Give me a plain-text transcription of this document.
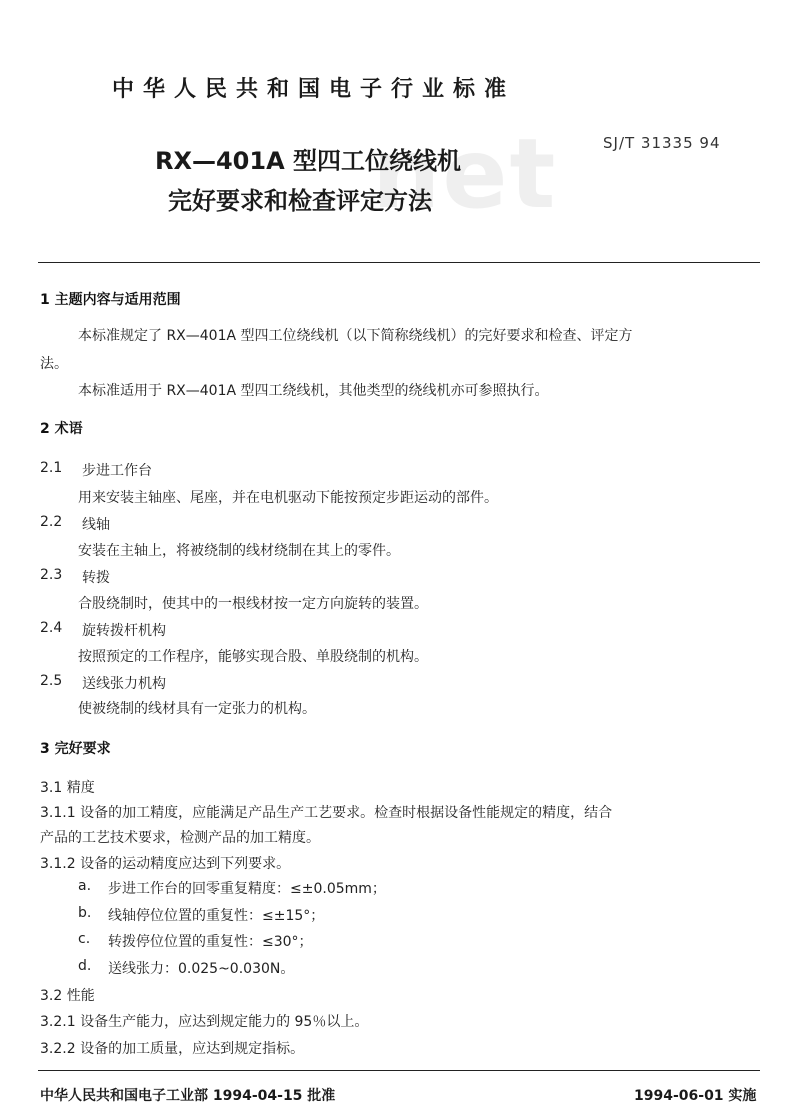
net
中华人民共和国电子行业标准
SJ/T 31335 94
RX—401A 型四工位绕线机
完好要求和检查评定方法
1 主题内容与适用范围
本标准规定了 RX—401A 型四工位绕线机（以下简称绕线机）的完好要求和检查、评定方
法。
本标准适用于 RX—401A 型四工绕线机，其他类型的绕线机亦可参照执行。
2 术语
2.1 步进工作台
用来安装主轴座、尾座，并在电机驱动下能按预定步距运动的部件。
2.2 线轴
安装在主轴上，将被绕制的线材绕制在其上的零件。
2.3 转拨
合股绕制时，使其中的一根线材按一定方向旋转的装置。
2.4 旋转拨杆机构
按照预定的工作程序，能够实现合股、单股绕制的机构。
2.5 送线张力机构
使被绕制的线材具有一定张力的机构。
3 完好要求
3.1 精度
3.1.1 设备的加工精度，应能满足产品生产工艺要求。检查时根据设备性能规定的精度，结合
产品的工艺技术要求，检测产品的加工精度。
3.1.2 设备的运动精度应达到下列要求。
a. 步进工作台的回零重复精度：≤±0.05mm；
b. 线轴停位位置的重复性：≤±15°；
c. 转拨停位位置的重复性：≤30°；
d. 送线张力：0.025~0.030N。
3.2 性能
3.2.1 设备生产能力，应达到规定能力的 95％以上。
3.2.2 设备的加工质量，应达到规定指标。
中华人民共和国电子工业部 1994-04-15 批准	1994-06-01 实施
